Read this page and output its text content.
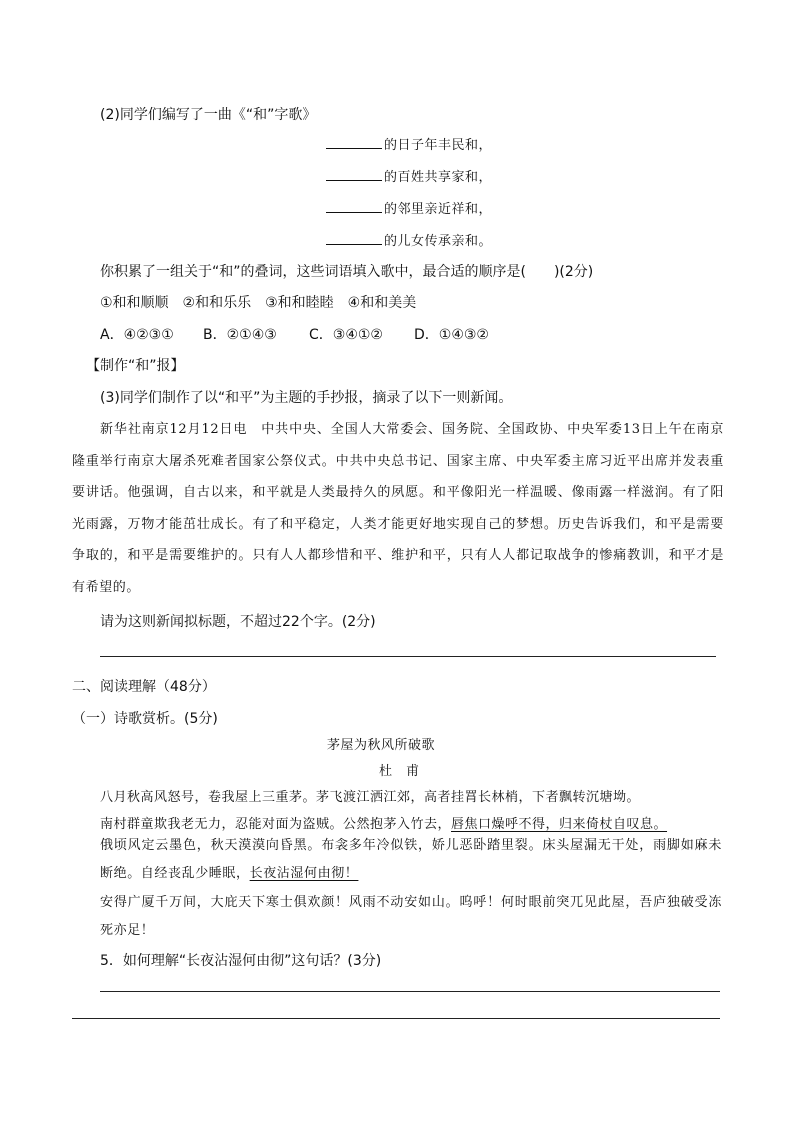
(2)同学们编写了一曲《“和”字歌》
的日子年丰民和，
的百姓共享家和，
的邻里亲近祥和，
的儿女传承亲和。
你积累了一组关于“和”的叠词，这些词语填入歌中，最合适的顺序是(　　)(2分)
①和和顺顺　②和和乐乐　③和和睦睦　④和和美美
A．④②③① B．②①④③ C．③④①② D．①④③②
【制作“和”报】
(3)同学们制作了以“和平”为主题的手抄报，摘录了以下一则新闻。
新华社南京12月12日电　中共中央、全国人大常委会、国务院、全国政协、中央军委13日上午在南京隆重举行南京大屠杀死难者国家公祭仪式。中共中央总书记、国家主席、中央军委主席习近平出席并发表重要讲话。他强调，自古以来，和平就是人类最持久的夙愿。和平像阳光一样温暖、像雨露一样滋润。有了阳光雨露，万物才能茁壮成长。有了和平稳定，人类才能更好地实现自己的梦想。历史告诉我们，和平是需要争取的，和平是需要维护的。只有人人都珍惜和平、维护和平，只有人人都记取战争的惨痛教训，和平才是有希望的。
请为这则新闻拟标题，不超过22个字。(2分)
二、阅读理解（48分）
（一）诗歌赏析。(5分)
茅屋为秋风所破歌
杜　甫
八月秋高风怒号，卷我屋上三重茅。茅飞渡江洒江郊，高者挂罥长林梢，下者飘转沉塘坳。
南村群童欺我老无力，忍能对面为盗贼。公然抱茅入竹去，唇焦口燥呼不得，归来倚杖自叹息。
俄顷风定云墨色，秋天漠漠向昏黑。布衾多年冷似铁，娇儿恶卧踏里裂。床头屋漏无干处，雨脚如麻未断绝。自经丧乱少睡眠，长夜沾湿何由彻！
安得广厦千万间，大庇天下寒士俱欢颜！风雨不动安如山。呜呼！何时眼前突兀见此屋，吾庐独破受冻死亦足！
5．如何理解“长夜沾湿何由彻”这句话？(3分)
